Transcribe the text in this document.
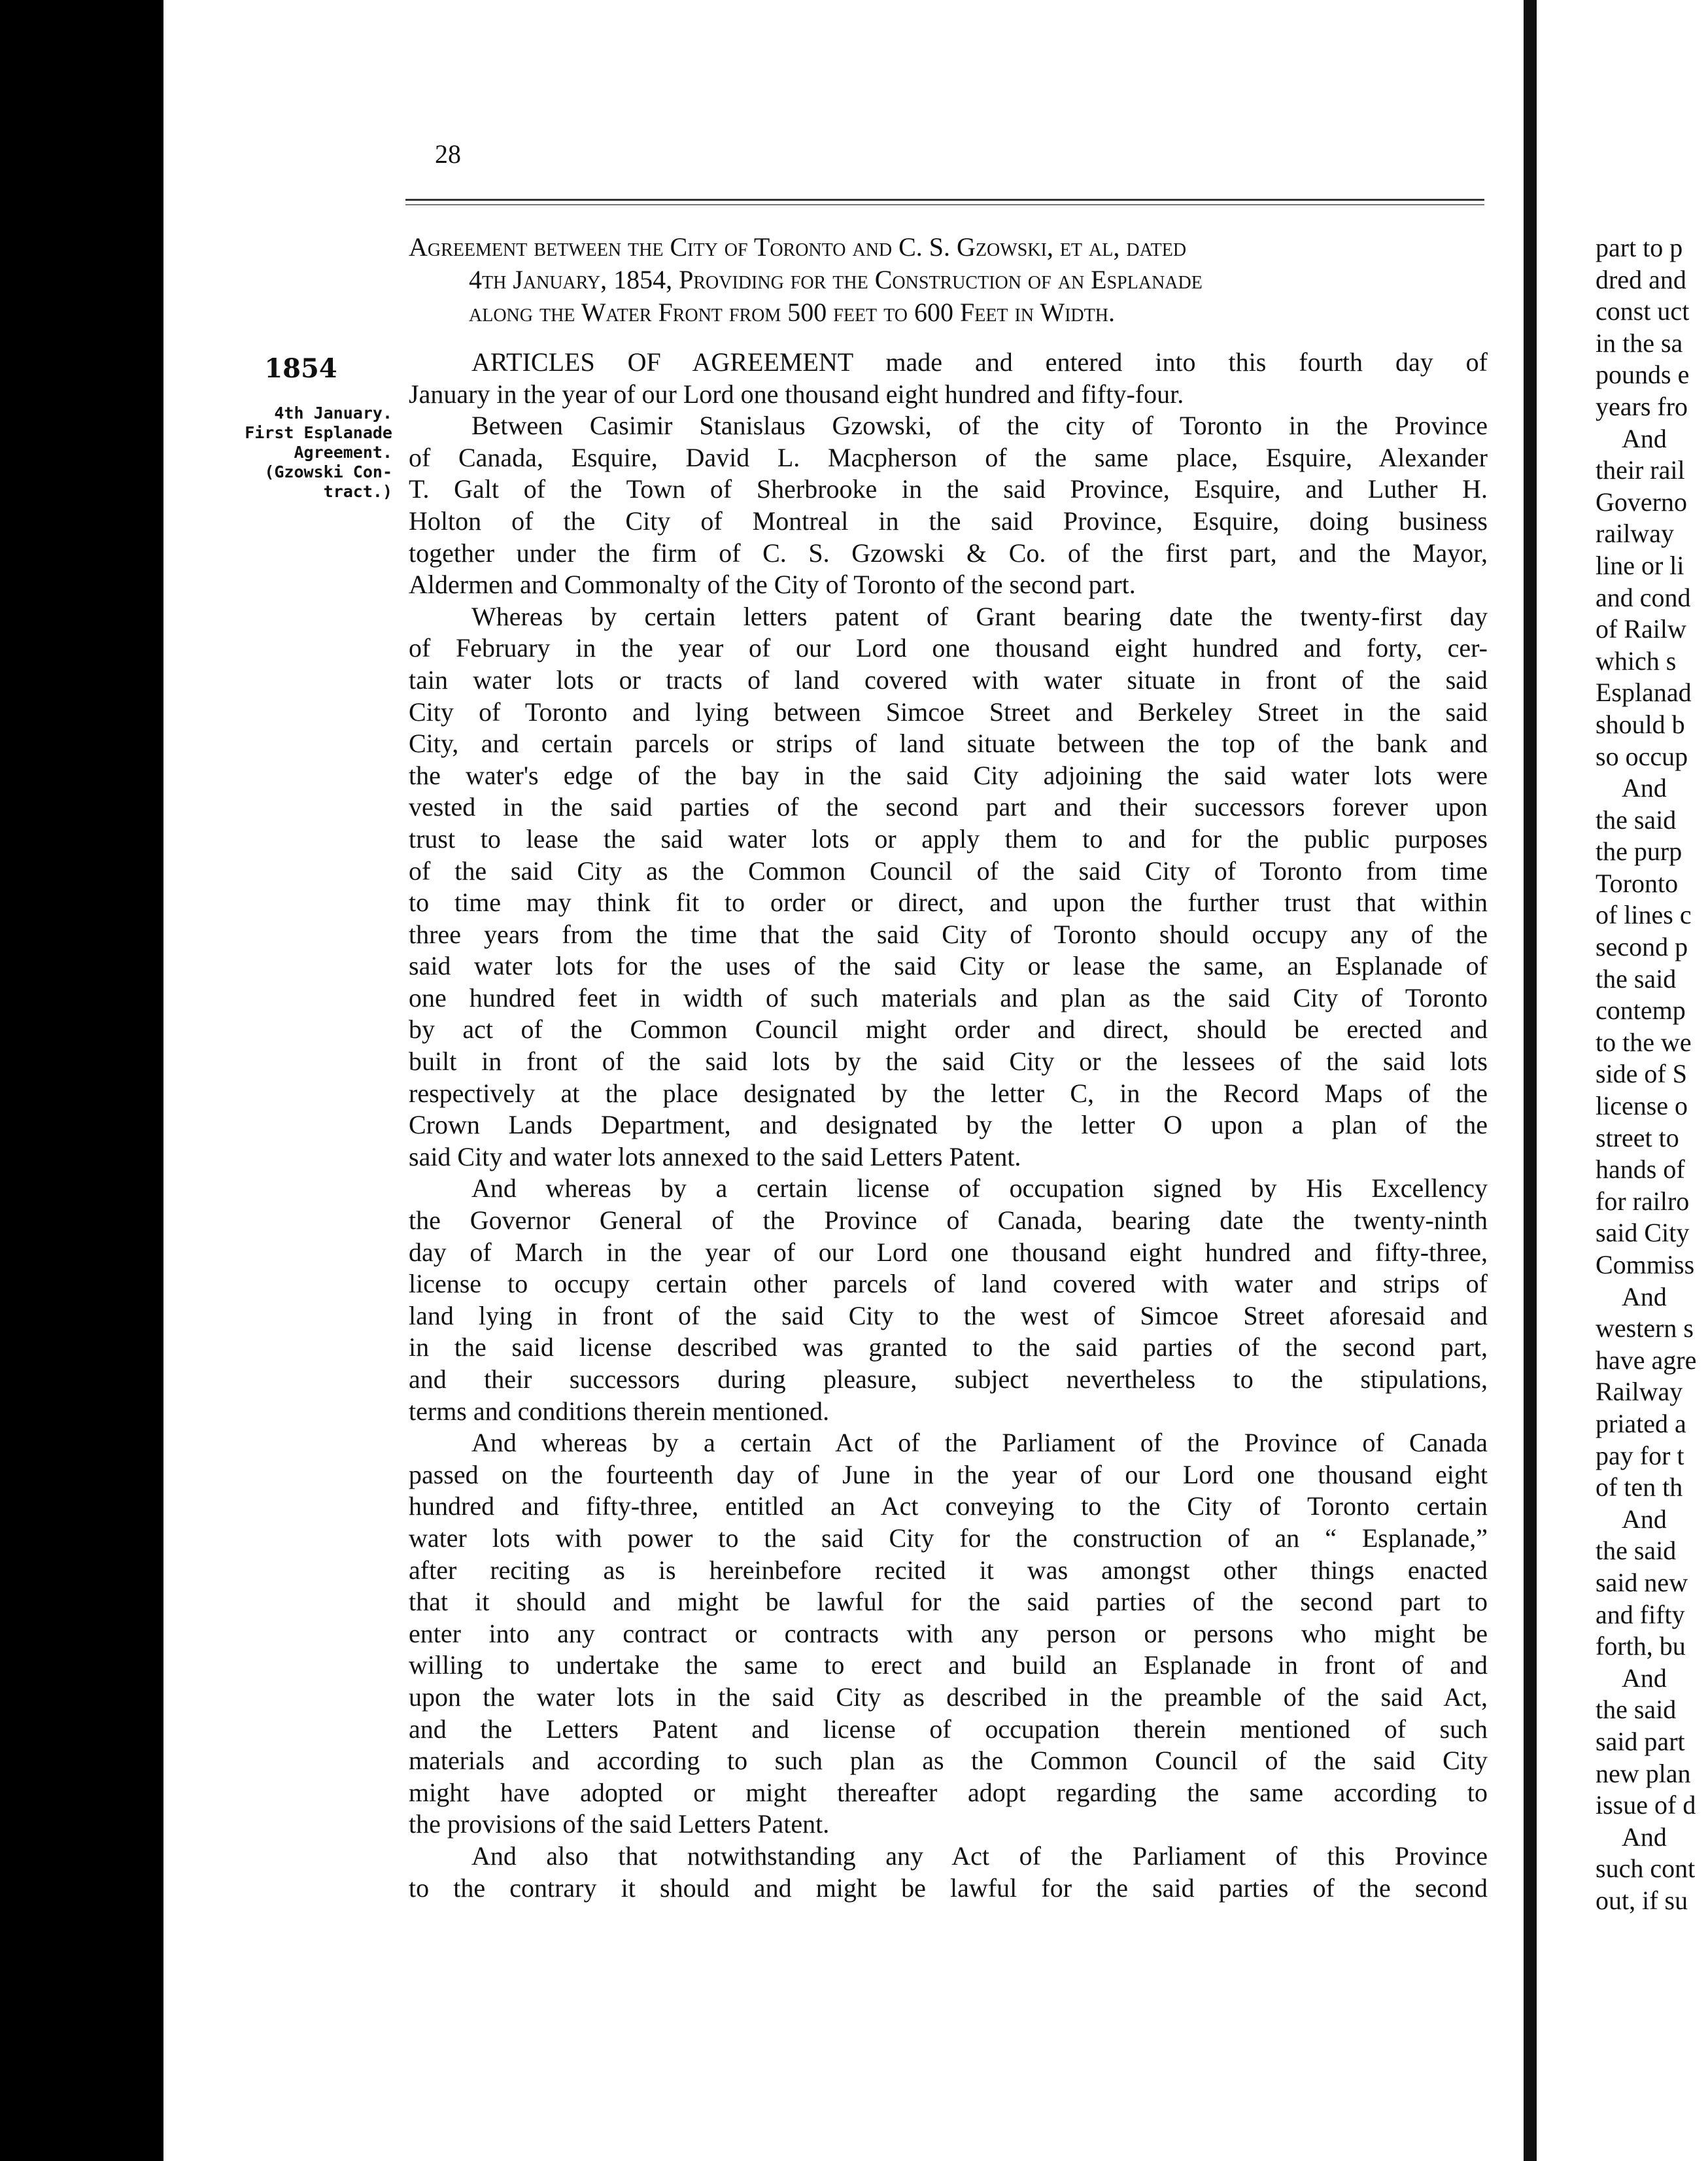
28
Agreement between the City of Toronto and C. S. Gzowski, et al, dated
4th January, 1854, Providing for the Construction of an Esplanade
along the Water Front from 500 feet to 600 Feet in Width.
1854
4th January.
First Esplanade
Agreement.
(Gzowski Con-
tract.)
ARTICLES OF AGREEMENT made and entered into this fourth day of
January in the year of our Lord one thousand eight hundred and fifty-four.
Between Casimir Stanislaus Gzowski, of the city of Toronto in the Province
of Canada, Esquire, David L. Macpherson of the same place, Esquire, Alexander
T. Galt of the Town of Sherbrooke in the said Province, Esquire, and Luther H.
Holton of the City of Montreal in the said Province, Esquire, doing business
together under the firm of C. S. Gzowski & Co. of the first part, and the Mayor,
Aldermen and Commonalty of the City of Toronto of the second part.
Whereas by certain letters patent of Grant bearing date the twenty-first day
of February in the year of our Lord one thousand eight hundred and forty, cer-
tain water lots or tracts of land covered with water situate in front of the said
City of Toronto and lying between Simcoe Street and Berkeley Street in the said
City, and certain parcels or strips of land situate between the top of the bank and
the water's edge of the bay in the said City adjoining the said water lots were
vested in the said parties of the second part and their successors forever upon
trust to lease the said water lots or apply them to and for the public purposes
of the said City as the Common Council of the said City of Toronto from time
to time may think fit to order or direct, and upon the further trust that within
three years from the time that the said City of Toronto should occupy any of the
said water lots for the uses of the said City or lease the same, an Esplanade of
one hundred feet in width of such materials and plan as the said City of Toronto
by act of the Common Council might order and direct, should be erected and
built in front of the said lots by the said City or the lessees of the said lots
respectively at the place designated by the letter C, in the Record Maps of the
Crown Lands Department, and designated by the letter O upon a plan of the
said City and water lots annexed to the said Letters Patent.
And whereas by a certain license of occupation signed by His Excellency
the Governor General of the Province of Canada, bearing date the twenty-ninth
day of March in the year of our Lord one thousand eight hundred and fifty-three,
license to occupy certain other parcels of land covered with water and strips of
land lying in front of the said City to the west of Simcoe Street aforesaid and
in the said license described was granted to the said parties of the second part,
and their successors during pleasure, subject nevertheless to the stipulations,
terms and conditions therein mentioned.
And whereas by a certain Act of the Parliament of the Province of Canada
passed on the fourteenth day of June in the year of our Lord one thousand eight
hundred and fifty-three, entitled an Act conveying to the City of Toronto certain
water lots with power to the said City for the construction of an “ Esplanade,”
after reciting as is hereinbefore recited it was amongst other things enacted
that it should and might be lawful for the said parties of the second part to
enter into any contract or contracts with any person or persons who might be
willing to undertake the same to erect and build an Esplanade in front of and
upon the water lots in the said City as described in the preamble of the said Act,
and the Letters Patent and license of occupation therein mentioned of such
materials and according to such plan as the Common Council of the said City
might have adopted or might thereafter adopt regarding the same according to
the provisions of the said Letters Patent.
And also that notwithstanding any Act of the Parliament of this Province
to the contrary it should and might be lawful for the said parties of the second
part to p
dred and
const uct
in the sa
pounds e
years fro
And
their rail
Governo
railway
line or li
and cond
of Railw
which s
Esplanad
should b
so occup
And
the said
the purp
Toronto
of lines c
second p
the said
contemp
to the we
side of S
license o
street to
hands of
for railro
said City
Commiss
And
western s
have agre
Railway
priated a
pay for t
of ten th
And
the said
said new
and fifty
forth, bu
And
the said
said part
new plan
issue of d
And
such cont
out, if su
